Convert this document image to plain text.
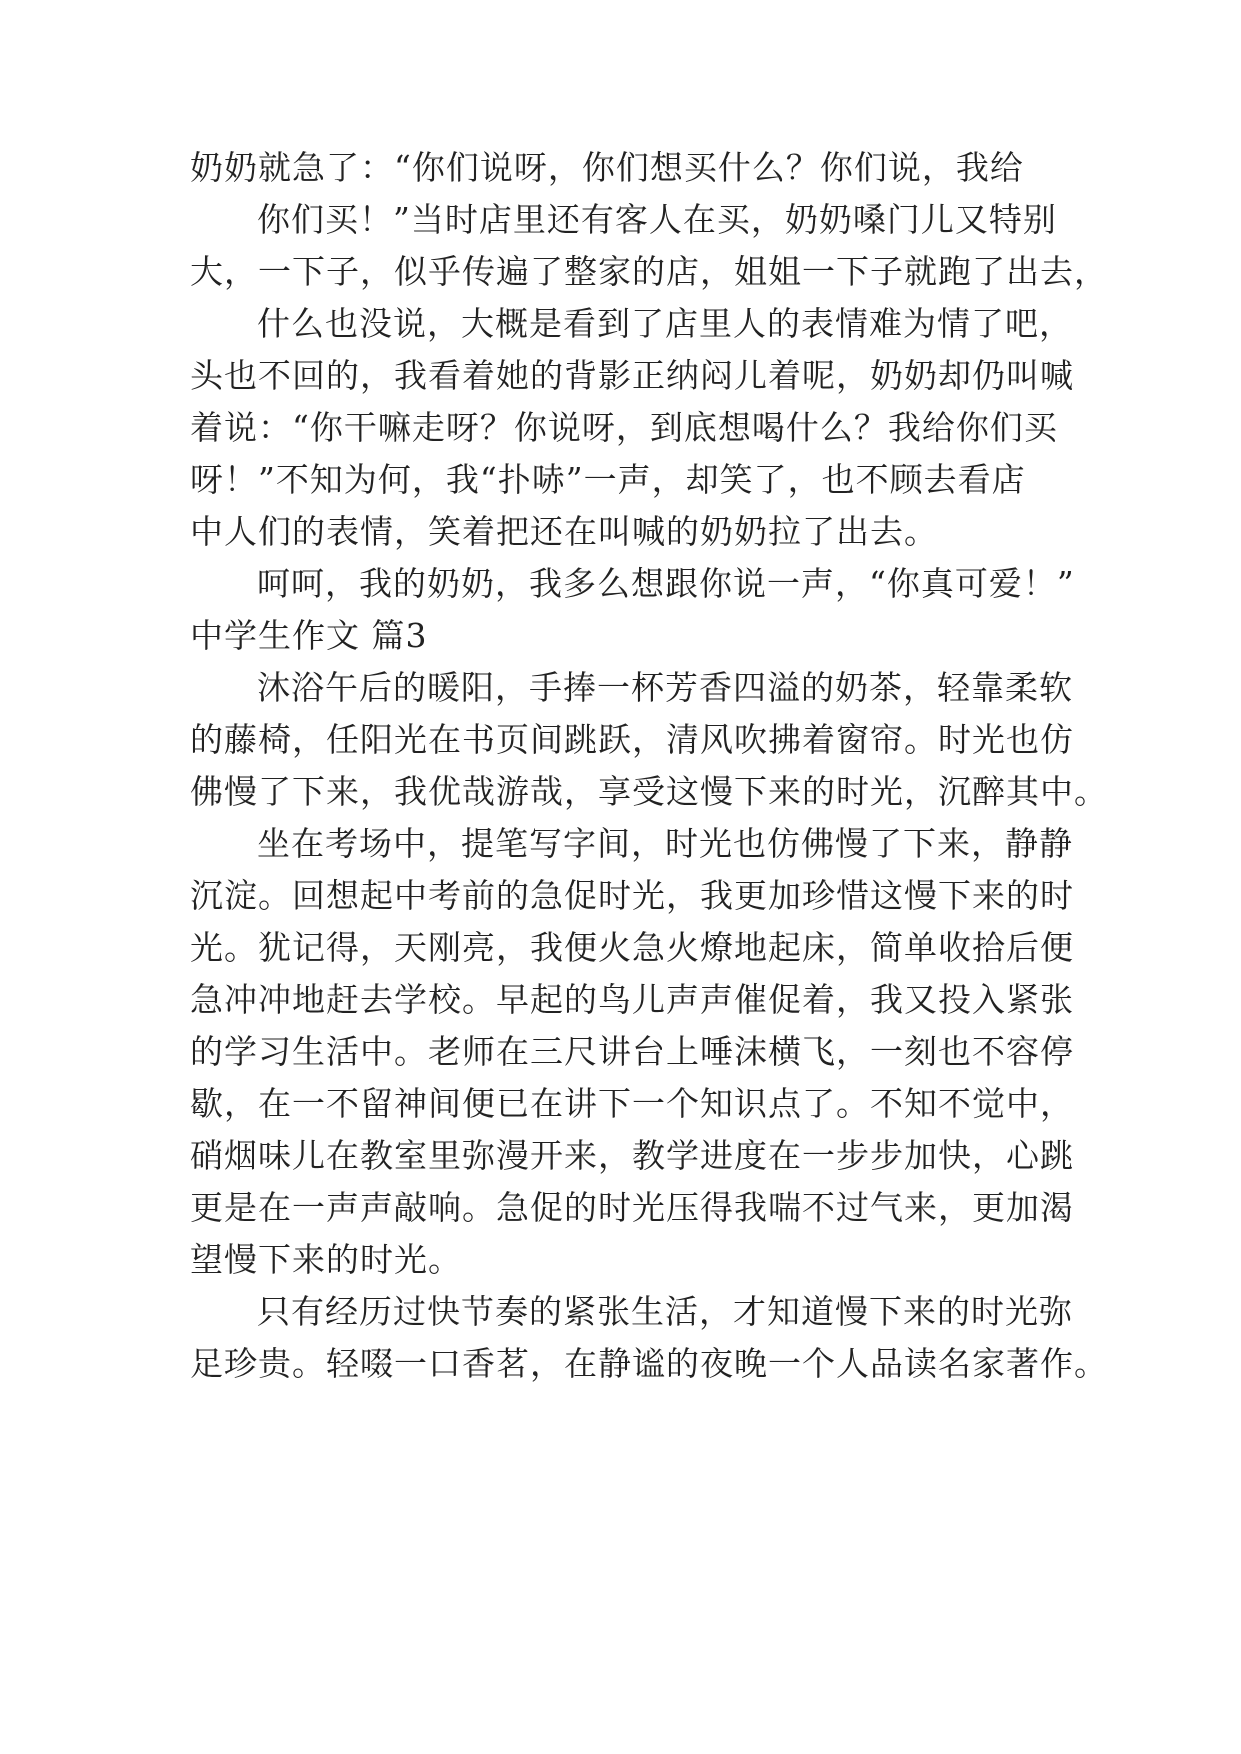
奶奶就急了：“你们说呀，你们想买什么？你们说，我给
你们买！”当时店里还有客人在买，奶奶嗓门儿又特别
大，一下子，似乎传遍了整家的店，姐姐一下子就跑了出去，
什么也没说，大概是看到了店里人的表情难为情了吧，
头也不回的，我看着她的背影正纳闷儿着呢，奶奶却仍叫喊
着说：“你干嘛走呀？你说呀，到底想喝什么？我给你们买
呀！”不知为何，我“扑哧”一声，却笑了，也不顾去看店
中人们的表情，笑着把还在叫喊的奶奶拉了出去。
呵呵，我的奶奶，我多么想跟你说一声，“你真可爱！”
中学生作文 篇3
沐浴午后的暖阳，手捧一杯芳香四溢的奶茶，轻靠柔软
的藤椅，任阳光在书页间跳跃，清风吹拂着窗帘。时光也仿
佛慢了下来，我优哉游哉，享受这慢下来的时光，沉醉其中。
坐在考场中，提笔写字间，时光也仿佛慢了下来，静静
沉淀。回想起中考前的急促时光，我更加珍惜这慢下来的时
光。犹记得，天刚亮，我便火急火燎地起床，简单收拾后便
急冲冲地赶去学校。早起的鸟儿声声催促着，我又投入紧张
的学习生活中。老师在三尺讲台上唾沫横飞，一刻也不容停
歇，在一不留神间便已在讲下一个知识点了。不知不觉中，
硝烟味儿在教室里弥漫开来，教学进度在一步步加快，心跳
更是在一声声敲响。急促的时光压得我喘不过气来，更加渴
望慢下来的时光。
只有经历过快节奏的紧张生活，才知道慢下来的时光弥
足珍贵。轻啜一口香茗，在静谧的夜晚一个人品读名家著作。
